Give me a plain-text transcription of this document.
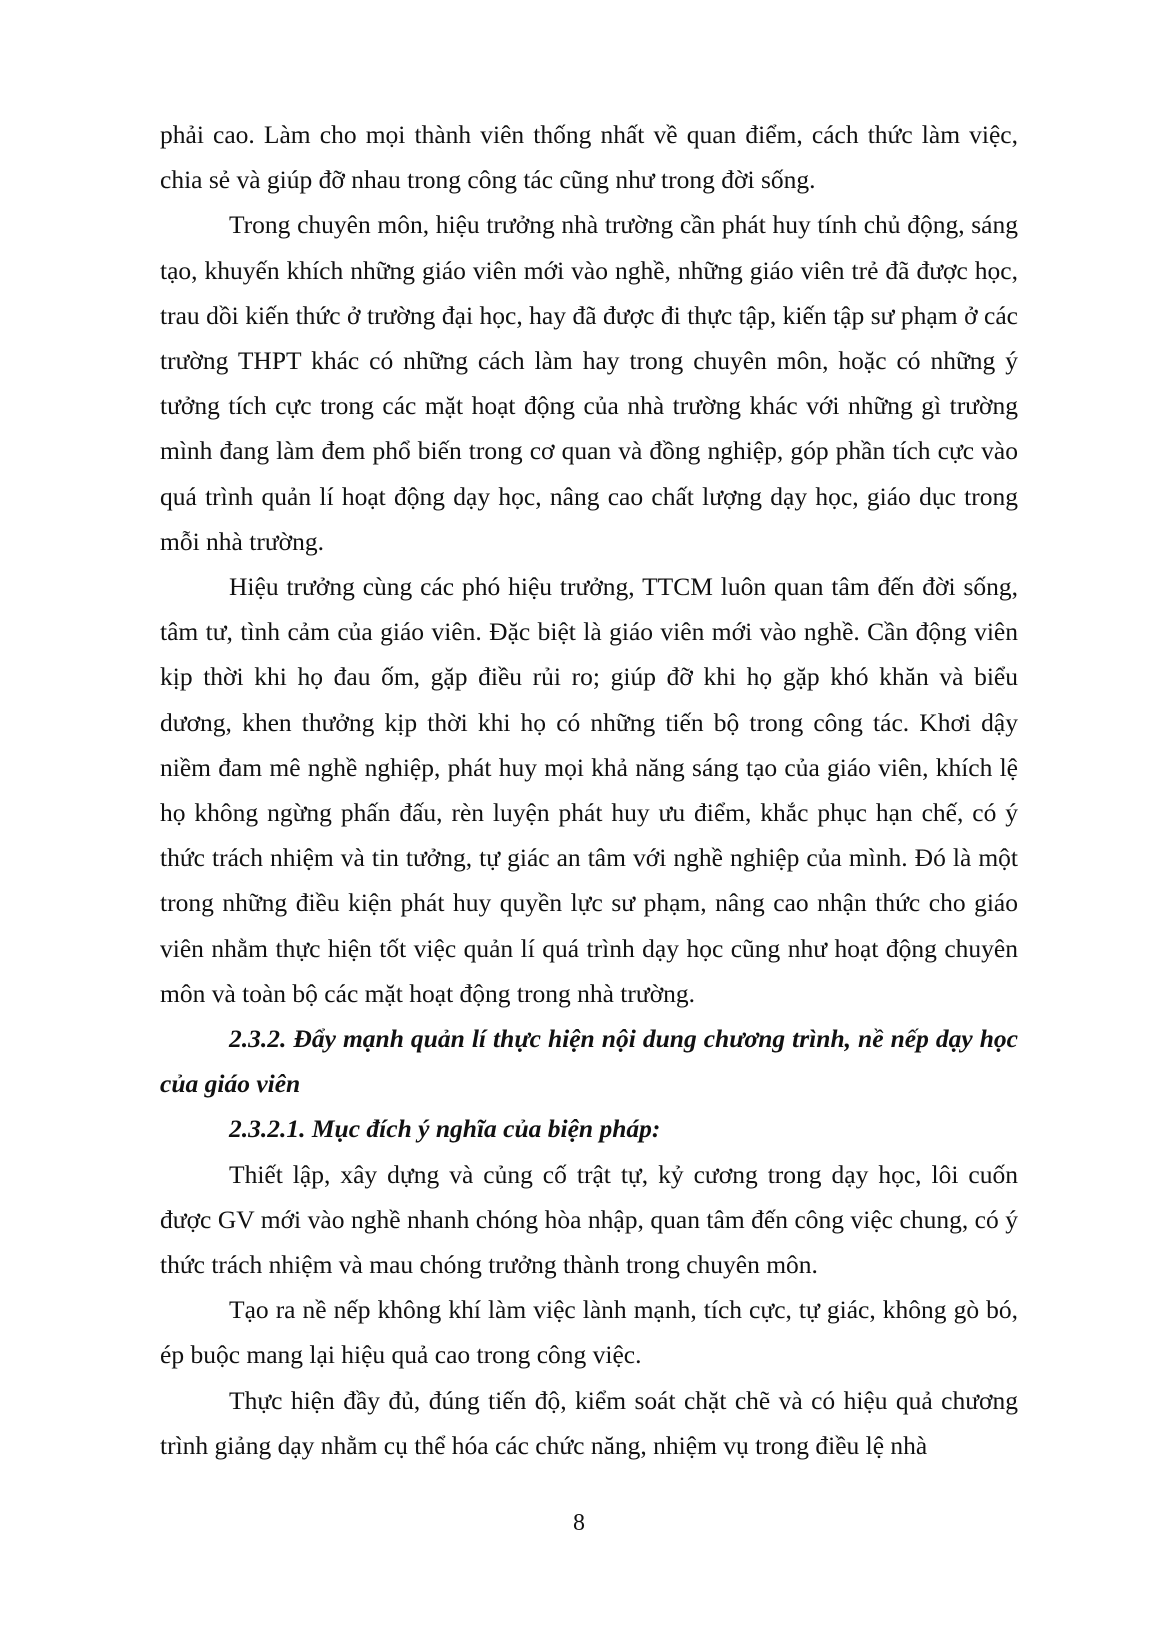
phải cao. Làm cho mọi thành viên thống nhất về quan điểm, cách thức làm việc, chia sẻ và giúp đỡ nhau trong công tác cũng như trong đời sống.

Trong chuyên môn, hiệu trưởng nhà trường cần phát huy tính chủ động, sáng tạo, khuyến khích những giáo viên mới vào nghề, những giáo viên trẻ đã được học, trau dồi kiến thức ở trường đại học, hay đã được đi thực tập, kiến tập sư phạm ở các trường THPT khác có những cách làm hay trong chuyên môn, hoặc có những ý tưởng tích cực trong các mặt hoạt động của nhà trường khác với những gì trường mình đang làm đem phổ biến trong cơ quan và đồng nghiệp, góp phần tích cực vào quá trình quản lí hoạt động dạy học, nâng cao chất lượng dạy học, giáo dục trong mỗi nhà trường.

Hiệu trưởng cùng các phó hiệu trưởng, TTCM luôn quan tâm đến đời sống, tâm tư, tình cảm của giáo viên. Đặc biệt là giáo viên mới vào nghề. Cần động viên kịp thời khi họ đau ốm, gặp điều rủi ro; giúp đỡ khi họ gặp khó khăn và biểu dương, khen thưởng kịp thời khi họ có những tiến bộ trong công tác. Khơi dậy niềm đam mê nghề nghiệp, phát huy mọi khả năng sáng tạo của giáo viên, khích lệ họ không ngừng phấn đấu, rèn luyện phát huy ưu điểm, khắc phục hạn chế, có ý thức trách nhiệm và tin tưởng, tự giác an tâm với nghề nghiệp của mình. Đó là một trong những điều kiện phát huy quyền lực sư phạm, nâng cao nhận thức cho giáo viên nhằm thực hiện tốt việc quản lí quá trình dạy học cũng như hoạt động chuyên môn và toàn bộ các mặt hoạt động trong nhà trường.

2.3.2. Đẩy mạnh quản lí thực hiện nội dung chương trình, nề nếp dạy học của giáo viên

2.3.2.1. Mục đích ý nghĩa của biện pháp:

Thiết lập, xây dựng và củng cố trật tự, kỷ cương trong dạy học, lôi cuốn được GV mới vào nghề nhanh chóng hòa nhập, quan tâm đến công việc chung, có ý thức trách nhiệm và mau chóng trưởng thành trong chuyên môn.

Tạo ra nề nếp không khí làm việc lành mạnh, tích cực, tự giác, không gò bó, ép buộc mang lại hiệu quả cao trong công việc.

Thực hiện đầy đủ, đúng tiến độ, kiểm soát chặt chẽ và có hiệu quả chương trình giảng dạy nhằm cụ thể hóa các chức năng, nhiệm vụ trong điều lệ nhà

8
